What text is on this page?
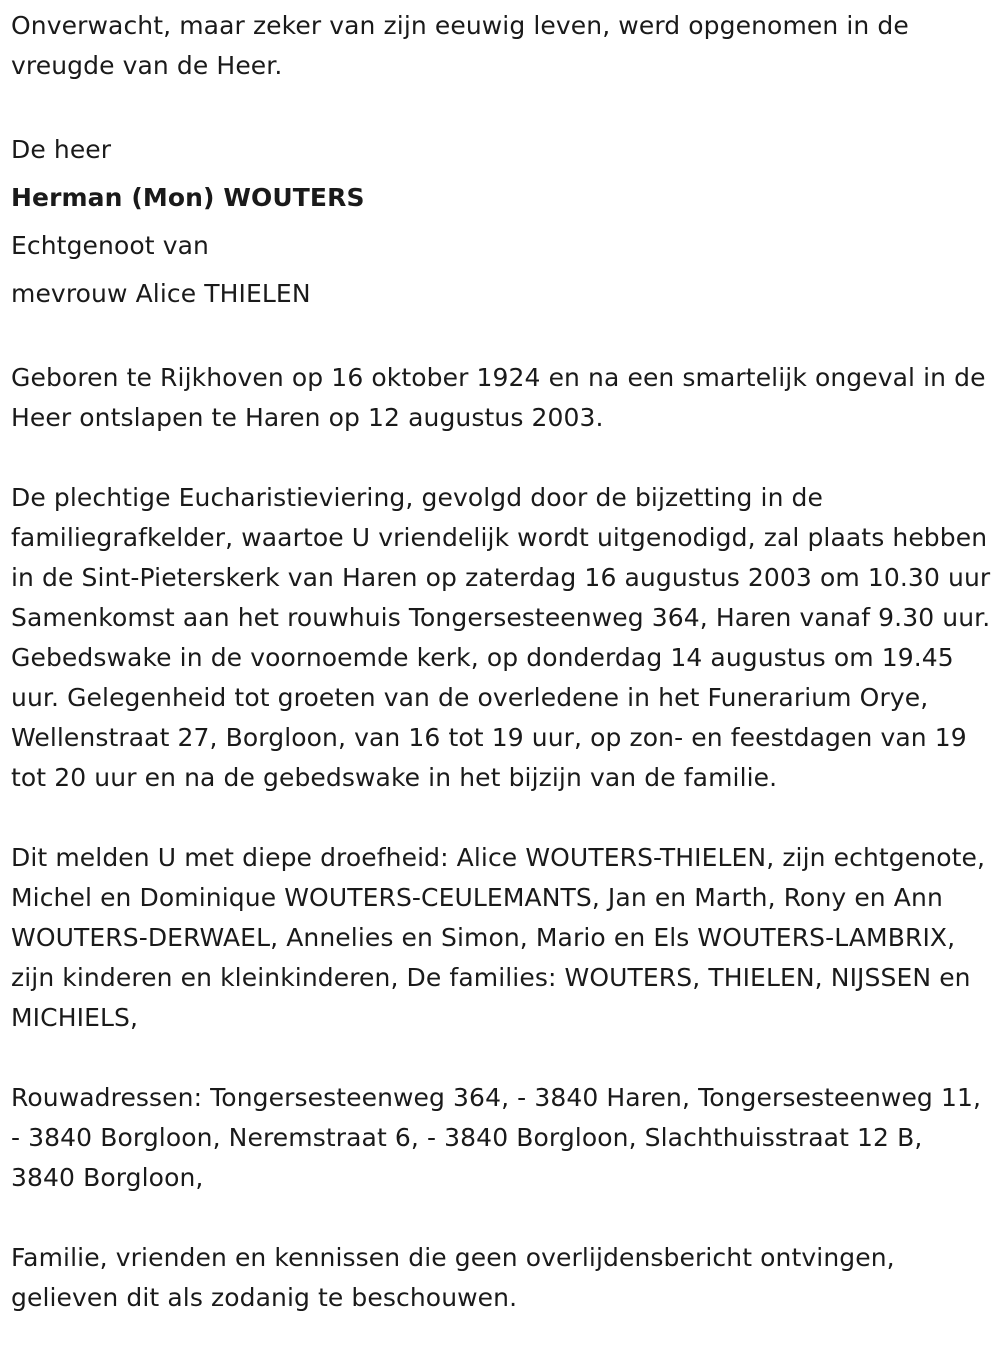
Onverwacht, maar zeker van zijn eeuwig leven, werd opgenomen in de vreugde van de Heer.

De heer

Herman (Mon) WOUTERS

Echtgenoot van

mevrouw Alice THIELEN

Geboren te Rijkhoven op 16 oktober 1924 en na een smartelijk ongeval in de Heer ontslapen te Haren op 12 augustus 2003.

De plechtige Eucharistieviering, gevolgd door de bijzetting in de familiegrafkelder, waartoe U vriendelijk wordt uitgenodigd, zal plaats hebben in de Sint-Pieterskerk van Haren op zaterdag 16 augustus 2003 om 10.30 uur Samenkomst aan het rouwhuis Tongersesteenweg 364, Haren vanaf 9.30 uur. Gebedswake in de voornoemde kerk, op donderdag 14 augustus om 19.45 uur. Gelegenheid tot groeten van de overledene in het Funerarium Orye, Wellenstraat 27, Borgloon, van 16 tot 19 uur, op zon- en feestdagen van 19 tot 20 uur en na de gebedswake in het bijzijn van de familie.

Dit melden U met diepe droefheid: Alice WOUTERS-THIELEN, zijn echtgenote, Michel en Dominique WOUTERS-CEULEMANTS, Jan en Marth, Rony en Ann WOUTERS-DERWAEL, Annelies en Simon, Mario en Els WOUTERS-LAMBRIX, zijn kinderen en kleinkinderen, De families: WOUTERS, THIELEN, NIJSSEN en MICHIELS,

Rouwadressen: Tongersesteenweg 364, - 3840 Haren, Tongersesteenweg 11, - 3840 Borgloon, Neremstraat 6, - 3840 Borgloon, Slachthuisstraat 12 B, 3840 Borgloon,

Familie, vrienden en kennissen die geen overlijdensbericht ontvingen, gelieven dit als zodanig te beschouwen.
